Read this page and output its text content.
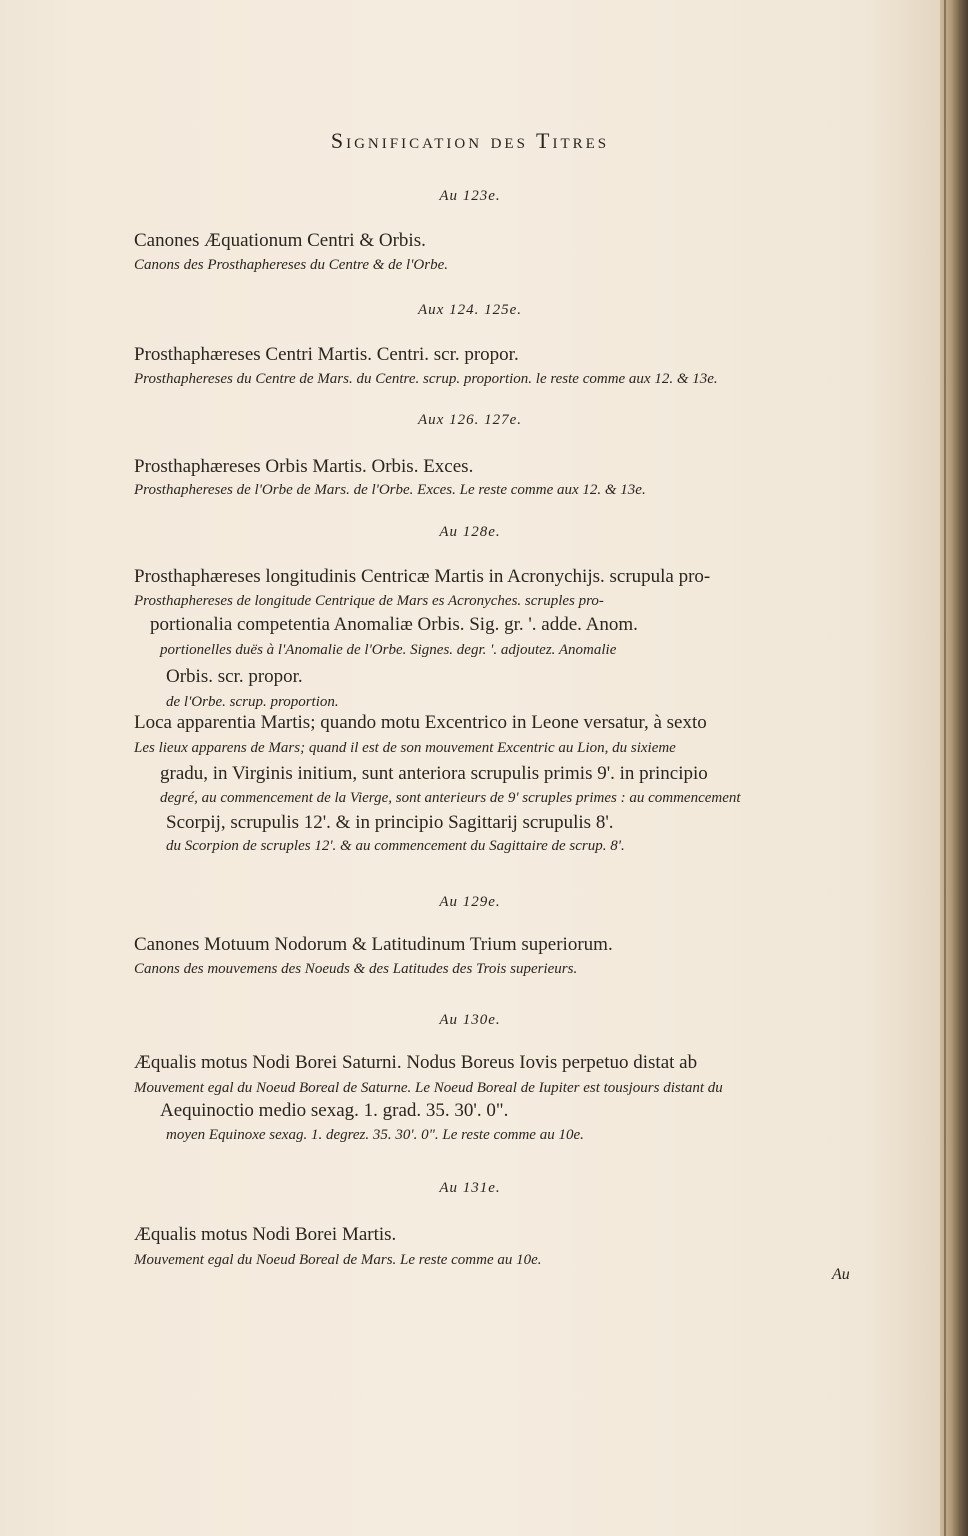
Signification des Titres
Au 123e.
Canones Æquationum Centri & Orbis.
Canons des Prosthaphereses du Centre & de l'Orbe.
Aux 124. 125e.
Prosthaphæreses Centri Martis. Centri. scr. propor.
Prosthaphereses du Centre de Mars. du Centre. scrup. proportion. le reste comme aux 12. & 13e.
Aux 126. 127e.
Prosthaphæreses Orbis Martis. Orbis. Exces.
Prosthaphereses de l'Orbe de Mars. de l'Orbe. Exces. Le reste comme aux 12. & 13e.
Au 128e.
Prosthaphæreses longitudinis Centricæ Martis in Acronychijs. scrupula pro-
Prosthaphereses de longitude Centrique de Mars es Acronyches. scruples pro-
portionalia competentia Anomaliæ Orbis. Sig. gr. '. adde. Anom.
portionelles duës à l'Anomalie de l'Orbe. Signes. degr. '. adjoutez. Anomalie
Orbis. scr. propor.
de l'Orbe. scrup. proportion.
Loca apparentia Martis; quando motu Excentrico in Leone versatur, à sexto
Les lieux apparens de Mars; quand il est de son mouvement Excentric au Lion, du sixieme
gradu, in Virginis initium, sunt anteriora scrupulis primis 9'. in principio
degré, au commencement de la Vierge, sont anterieurs de 9' scruples primes : au commencement
Scorpij, scrupulis 12'. & in principio Sagittarij scrupulis 8'.
du Scorpion de scruples 12'. & au commencement du Sagittaire de scrup. 8'.
Au 129e.
Canones Motuum Nodorum & Latitudinum Trium superiorum.
Canons des mouvemens des Noeuds & des Latitudes des Trois superieurs.
Au 130e.
Æqualis motus Nodi Borei Saturni. Nodus Boreus Iovis perpetuo distat ab
Mouvement egal du Noeud Boreal de Saturne. Le Noeud Boreal de Iupiter est tousjours distant du
Aequinoctio medio sexag. 1. grad. 35. 30'. 0".
moyen Equinoxe sexag. 1. degrez. 35. 30'. 0". Le reste comme au 10e.
Au 131e.
Æqualis motus Nodi Borei Martis.
Mouvement egal du Noeud Boreal de Mars. Le reste comme au 10e.
Au
